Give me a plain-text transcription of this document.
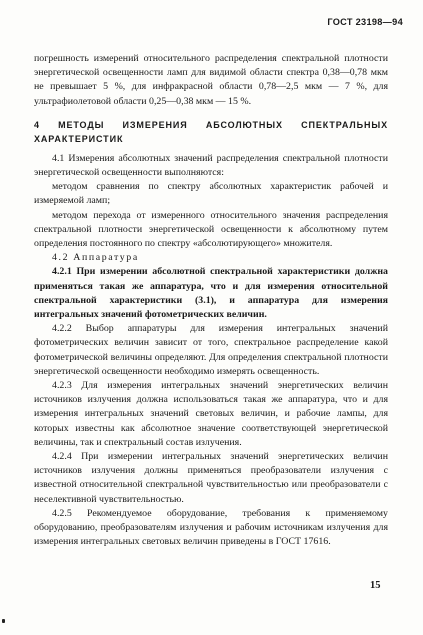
ГОСТ 23198—94

погрешность измерений относительного распределения спектральной плотности энергетической освещенности ламп для видимой области спектра 0,38—0,78 мкм не превышает 5 %, для инфракрасной области 0,78—2,5 мкм — 7 %, для ультрафиолетовой области 0,25—0,38 мкм — 15 %.

4 МЕТОДЫ ИЗМЕРЕНИЯ АБСОЛЮТНЫХ СПЕКТРАЛЬНЫХ ХАРАКТЕРИСТИК

4.1 Измерения абсолютных значений распределения спектральной плотности энергетической освещенности выполняются:

методом сравнения по спектру абсолютных характеристик рабочей и измеряемой ламп;

методом перехода от измеренного относительного значения распределения спектральной плотности энергетической освещенности к абсолютному путем определения постоянного по спектру «абсолютирующего» множителя.

4.2 Аппаратура

4.2.1 При измерении абсолютной спектральной характеристики должна применяться такая же аппаратура, что и для измерения относительной спектральной характеристики (3.1), и аппаратура для измерения интегральных значений фотометрических величин.

4.2.2 Выбор аппаратуры для измерения интегральных значений фотометрических величин зависит от того, спектральное распределение какой фотометрической величины определяют. Для определения спектральной плотности энергетической освещенности необходимо измерять освещенность.

4.2.3 Для измерения интегральных значений энергетических величин источников излучения должна использоваться такая же аппаратура, что и для измерения интегральных значений световых величин, и рабочие лампы, для которых известны как абсолютное значение соответствующей энергетической величины, так и спектральный состав излучения.

4.2.4 При измерении интегральных значений энергетических величин источников излучения должны применяться преобразователи излучения с известной относительной спектральной чувствительностью или преобразователи с неселективной чувствительностью.

4.2.5 Рекомендуемое оборудование, требования к применяемому оборудованию, преобразователям излучения и рабочим источникам излучения для измерения интегральных световых величин приведены в ГОСТ 17616.

15
